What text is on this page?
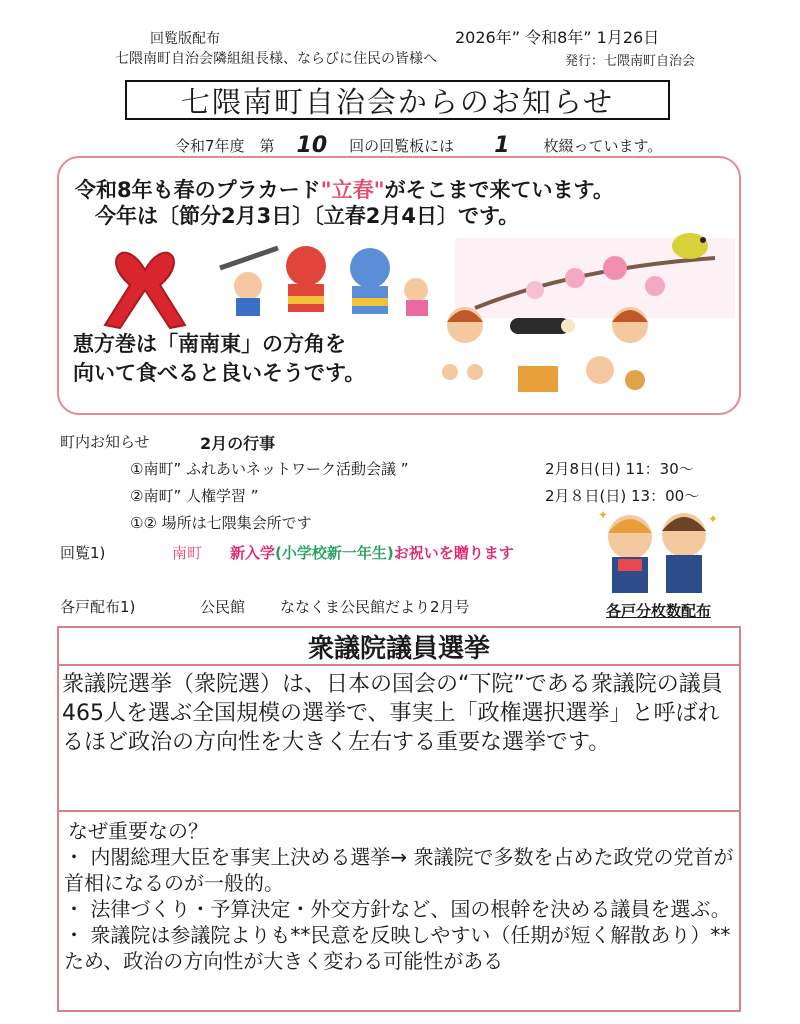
回覧版配布
七隈南町自治会隣組組長様、ならびに住民の皆様へ
2026年” 令和8年” 1月26日
発行：七隈南町自治会
七隈南町自治会からのお知らせ
令和7年度　第 10 回の回覧板には 1 枚綴っています。
令和8年も春のプラカード"立春"がそこまで来ています。
今年は〔節分2月3日〕〔立春2月4日〕です。
恵方巻は「南南東」の方角を
向いて食べると良いそうです。
町内お知らせ	2月の行事
①南町” ふれあいネットワーク活動会議 ”	2月8日(日) 11：30～
②南町” 人権学習 ”	2月８日(日) 13：00～
①② 場所は七隈集会所です
回覧1)	南町 新入学(小学校新一年生)お祝いを贈ります
✦	✦
各戸配布1)	公民館 ななくま公民館だより2月号	各戸分枚数配布
衆議院議員選挙
衆議院選挙（衆院選）は、日本の国会の“下院”である衆議院の議員465人を選ぶ全国規模の選挙で、事実上「政権選択選挙」と呼ばれるほど政治の方向性を大きく左右する重要な選挙です。
なぜ重要なの？
・ 内閣総理大臣を事実上決める選挙→ 衆議院で多数を占めた政党の党首が首相になるのが一般的。
・ 法律づくり・予算決定・外交方針など、国の根幹を決める議員を選ぶ。
・ 衆議院は参議院よりも**民意を反映しやすい（任期が短く解散あり）**ため、政治の方向性が大きく変わる可能性がある
